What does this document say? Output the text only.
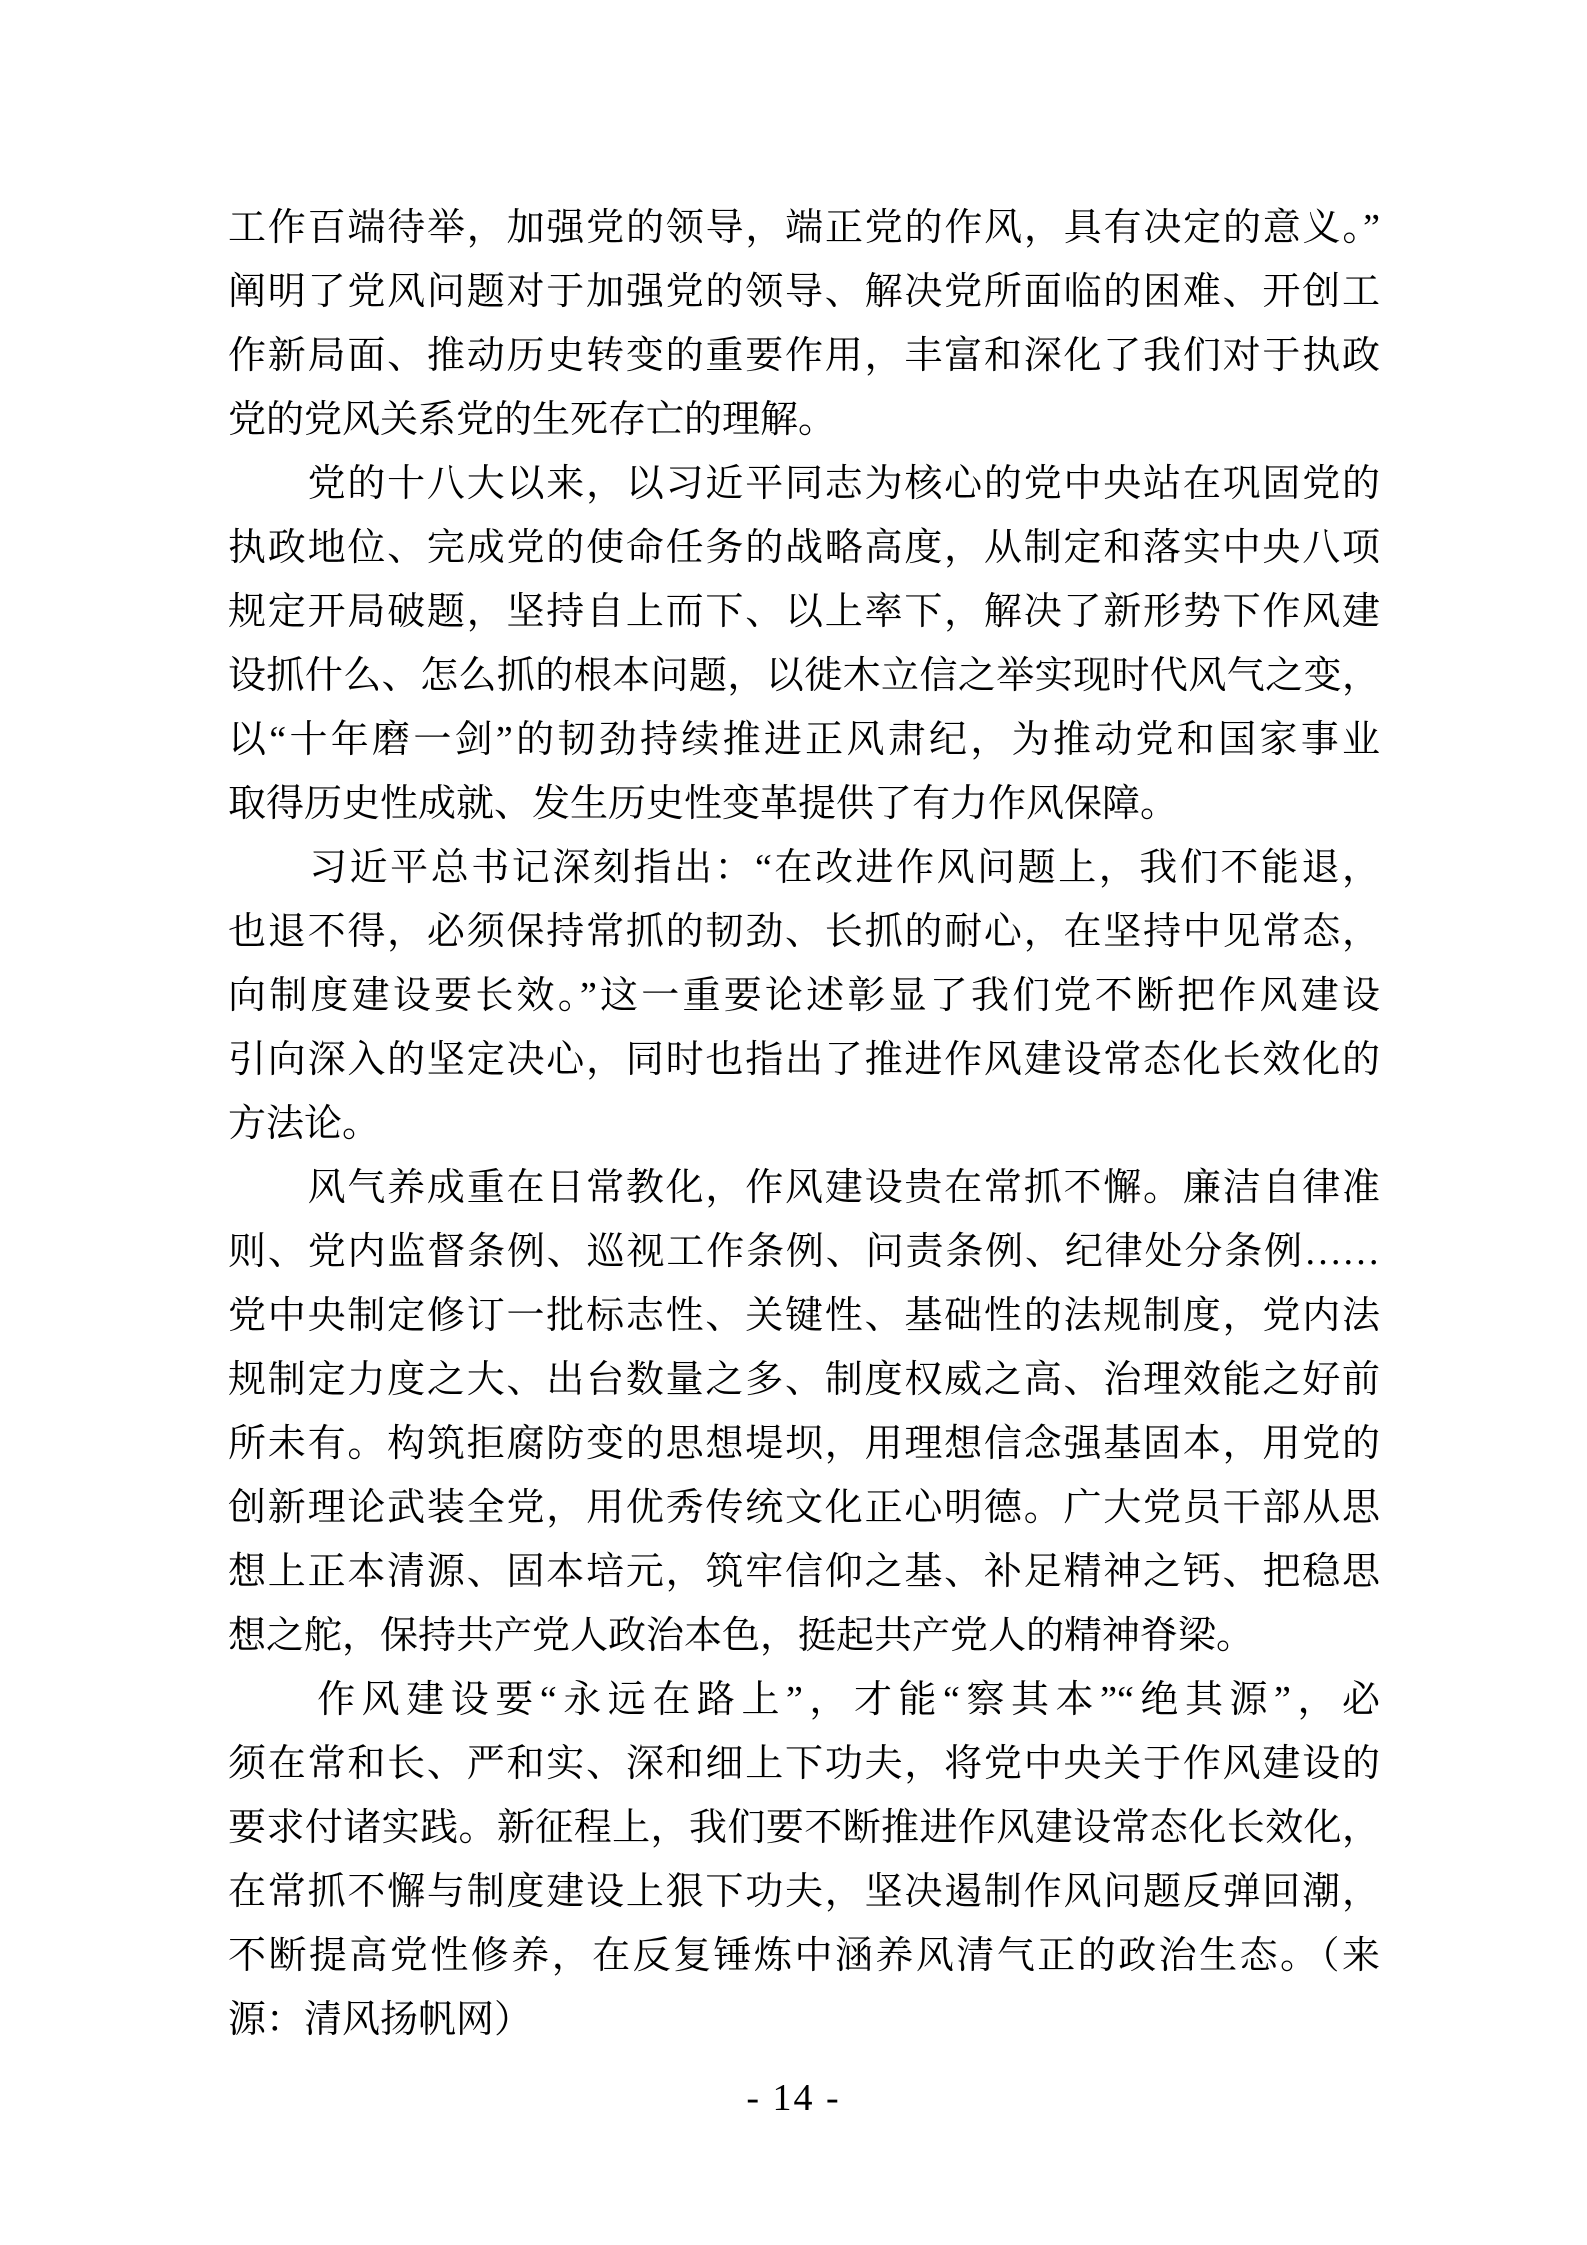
工作百端待举，加强党的领导，端正党的作风，具有决定的意义。”
阐明了党风问题对于加强党的领导、解决党所面临的困难、开创工
作新局面、推动历史转变的重要作用，丰富和深化了我们对于执政
党的党风关系党的生死存亡的理解。
　　党的十八大以来，以习近平同志为核心的党中央站在巩固党的
执政地位、完成党的使命任务的战略高度，从制定和落实中央八项
规定开局破题，坚持自上而下、以上率下，解决了新形势下作风建
设抓什么、怎么抓的根本问题，以徙木立信之举实现时代风气之变，
以“十年磨一剑”的韧劲持续推进正风肃纪，为推动党和国家事业
取得历史性成就、发生历史性变革提供了有力作风保障。
　　习近平总书记深刻指出：“在改进作风问题上，我们不能退，
也退不得，必须保持常抓的韧劲、长抓的耐心，在坚持中见常态，
向制度建设要长效。”这一重要论述彰显了我们党不断把作风建设
引向深入的坚定决心，同时也指出了推进作风建设常态化长效化的
方法论。
　　风气养成重在日常教化，作风建设贵在常抓不懈。廉洁自律准
则、党内监督条例、巡视工作条例、问责条例、纪律处分条例……
党中央制定修订一批标志性、关键性、基础性的法规制度，党内法
规制定力度之大、出台数量之多、制度权威之高、治理效能之好前
所未有。构筑拒腐防变的思想堤坝，用理想信念强基固本，用党的
创新理论武装全党，用优秀传统文化正心明德。广大党员干部从思
想上正本清源、固本培元，筑牢信仰之基、补足精神之钙、把稳思
想之舵，保持共产党人政治本色，挺起共产党人的精神脊梁。
　　作风建设要“永远在路上”，才能“察其本”“绝其源”，必
须在常和长、严和实、深和细上下功夫，将党中央关于作风建设的
要求付诸实践。新征程上，我们要不断推进作风建设常态化长效化，
在常抓不懈与制度建设上狠下功夫，坚决遏制作风问题反弹回潮，
不断提高党性修养，在反复锤炼中涵养风清气正的政治生态。（来
源：清风扬帆网）
- 14 -
